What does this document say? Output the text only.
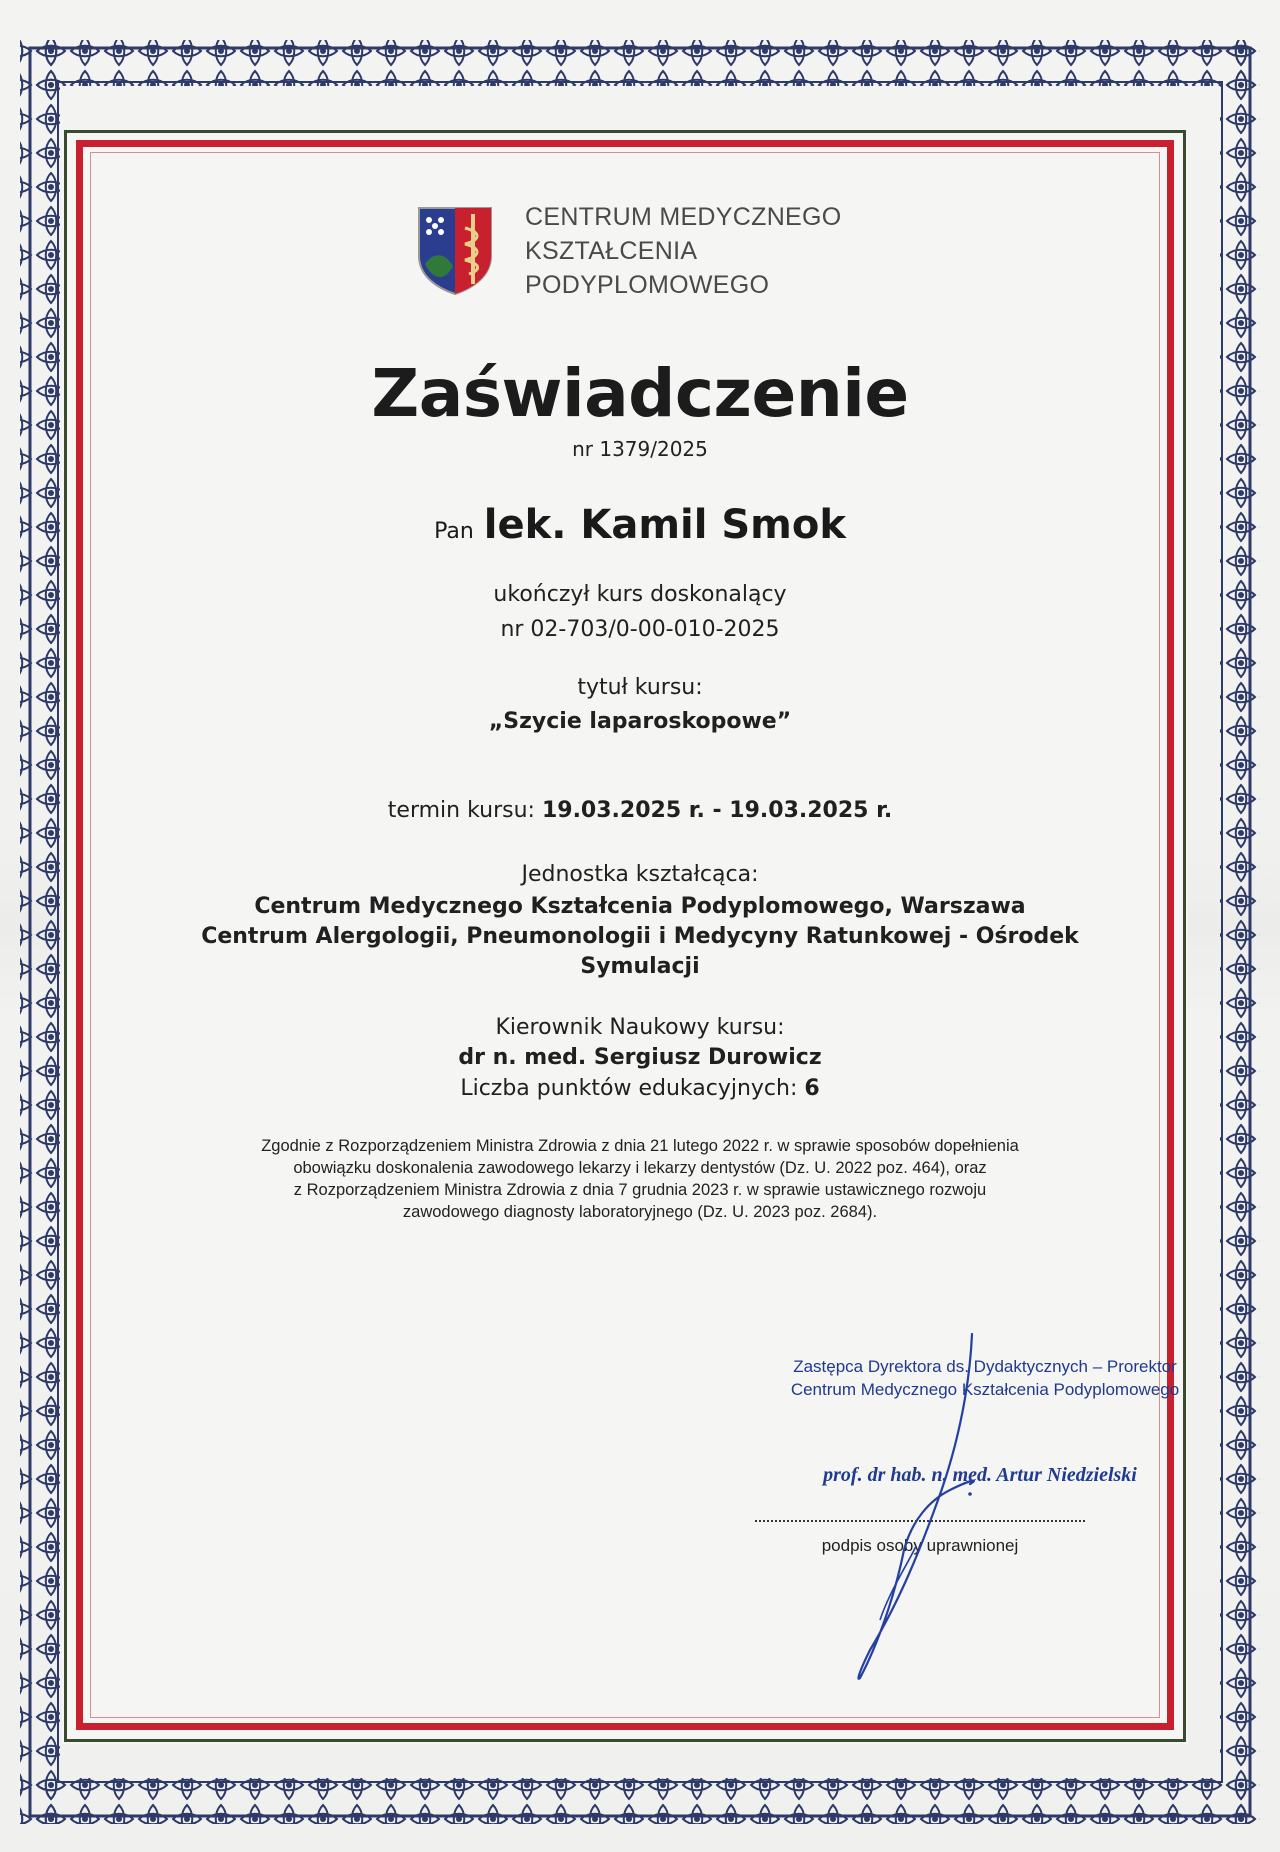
CENTRUM MEDYCZNEGO
KSZTAŁCENIA
PODYPLOMOWEGO
Zaświadczenie
nr 1379/2025
Pan lek. Kamil Smok
ukończył kurs doskonalący
nr 02-703/0-00-010-2025
tytuł kursu:
„Szycie laparoskopowe”
termin kursu: 19.03.2025 r. - 19.03.2025 r.
Jednostka kształcąca:
Centrum Medycznego Kształcenia Podyplomowego, Warszawa
Centrum Alergologii, Pneumonologii i Medycyny Ratunkowej - Ośrodek
Symulacji
Kierownik Naukowy kursu:
dr n. med. Sergiusz Durowicz
Liczba punktów edukacyjnych: 6
Zgodnie z Rozporządzeniem Ministra Zdrowia z dnia 21 lutego 2022 r. w sprawie sposobów dopełnienia
obowiązku doskonalenia zawodowego lekarzy i lekarzy dentystów (Dz. U. 2022 poz. 464), oraz
z Rozporządzeniem Ministra Zdrowia z dnia 7 grudnia 2023 r. w sprawie ustawicznego rozwoju
zawodowego diagnosty laboratoryjnego (Dz. U. 2023 poz. 2684).
Zastępca Dyrektora ds. Dydaktycznych – Prorektor
Centrum Medycznego Kształcenia Podyplomowego
prof. dr hab. n. med. Artur Niedzielski
podpis osoby uprawnionej
